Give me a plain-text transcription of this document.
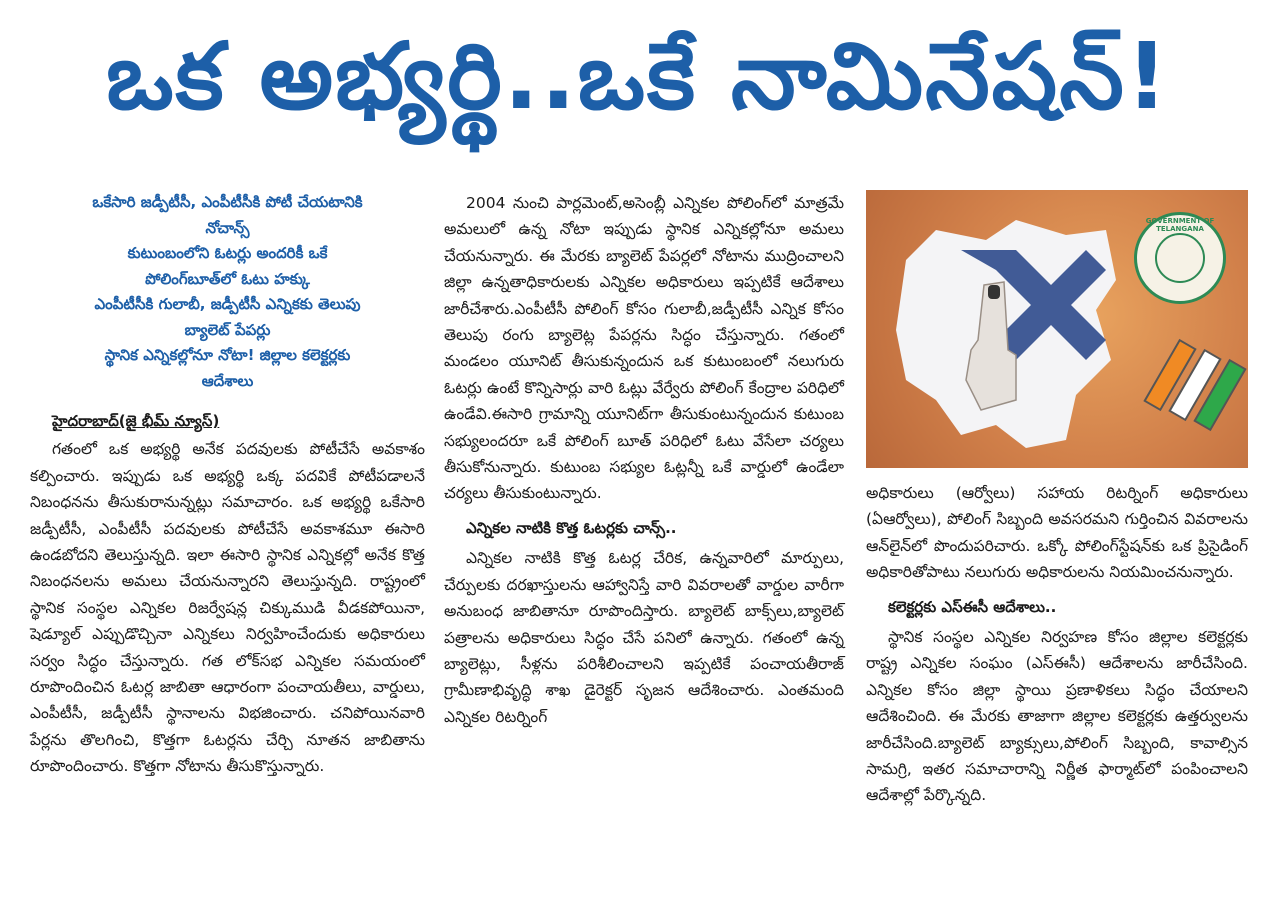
ఒక అభ్యర్థి..ఒకే నామినేషన్!
ఒకేసారి జడ్పీటీసీ, ఎంపీటీసీకి పోటీ చేయటానికి
నోచాన్స్
కుటుంబంలోని ఓటర్లు అందరికీ ఒకే
పోలింగ్‌బూత్‌లో ఓటు హక్కు
ఎంపీటీసీకి గులాబీ, జడ్పీటీసీ ఎన్నికకు తెలుపు
బ్యాలెట్ పేపర్లు
స్థానిక ఎన్నికల్లోనూ నోటా! జిల్లాల కలెక్టర్లకు
ఆదేశాలు
హైదరాబాద్(జై భీమ్ న్యూస్)

గతంలో ఒక అభ్యర్థి అనేక పదవులకు పోటీచేసే అవకాశం కల్పించారు. ఇప్పుడు ఒక అభ్యర్థి ఒక్క పదవికే పోటీపడాలనే నిబంధనను తీసుకురానున్నట్లు సమాచారం. ఒక అభ్యర్థి ఒకేసారి జడ్పీటీసీ, ఎంపీటీసీ పదవులకు పోటీచేసే అవకాశమూ ఈసారి ఉండబోదని తెలుస్తున్నది. ఇలా ఈసారి స్థానిక ఎన్నికల్లో అనేక కొత్త నిబంధనలను అమలు చేయనున్నారని తెలుస్తున్నది. రాష్ట్రంలో స్థానిక సంస్థల ఎన్నికల రిజర్వేషన్ల చిక్కుముడి వీడకపోయినా, షెడ్యూల్ ఎప్పుడొచ్చినా ఎన్నికలు నిర్వహించేందుకు అధికారులు సర్వం సిద్ధం చేస్తున్నారు. గత లోక్‌సభ ఎన్నికల సమయంలో రూపొందించిన ఓటర్ల జాబితా ఆధారంగా పంచాయతీలు, వార్డులు, ఎంపీటీసీ, జడ్పీటీసీ స్థానాలను విభజించారు. చనిపోయినవారి పేర్లను తొలగించి, కొత్తగా ఓటర్లను చేర్చి నూతన జాబితాను రూపొందించారు. కొత్తగా నోటాను తీసుకొస్తున్నారు.

2004 నుంచి పార్లమెంట్,అసెంబ్లీ ఎన్నికల పోలింగ్‌లో మాత్రమే అమలులో ఉన్న నోటా ఇప్పుడు స్థానిక ఎన్నికల్లోనూ అమలు చేయనున్నారు. ఈ మేరకు బ్యాలెట్ పేపర్లలో నోటాను ముద్రించాలని జిల్లా ఉన్నతాధికారులకు ఎన్నికల అధికారులు ఇప్పటికే ఆదేశాలు జారీచేశారు.ఎంపీటీసీ పోలింగ్ కోసం గులాబీ,జడ్పీటీసీ ఎన్నిక కోసం తెలుపు రంగు బ్యాలెట్ల పేపర్లను సిద్ధం చేస్తున్నారు. గతంలో మండలం యూనిట్ తీసుకున్నందున ఒక కుటుంబంలో నలుగురు ఓటర్లు ఉంటే కొన్నిసార్లు వారి ఓట్లు వేర్వేరు పోలింగ్ కేంద్రాల పరిధిలో ఉండేవి.ఈసారి గ్రామాన్ని యూనిట్‌గా తీసుకుంటున్నందున కుటుంబ సభ్యులందరూ ఒకే పోలింగ్ బూత్ పరిధిలో ఓటు వేసేలా చర్యలు తీసుకోనున్నారు. కుటుంబ సభ్యుల ఓట్లన్నీ ఒకే వార్డులో ఉండేలా చర్యలు తీసుకుంటున్నారు.

ఎన్నికల నాటికి కొత్త ఓటర్లకు చాన్స్..

ఎన్నికల నాటికి కొత్త ఓటర్ల చేరిక, ఉన్నవారిలో మార్పులు, చేర్పులకు దరఖాస్తులను ఆహ్వానిస్తే వారి వివరాలతో వార్డుల వారీగా అనుబంధ జాబితానూ రూపొందిస్తారు. బ్యాలెట్ బాక్స్‌లు,బ్యాలెట్ పత్రాలను అధికారులు సిద్ధం చేసే పనిలో ఉన్నారు. గతంలో ఉన్న బ్యాలెట్లు, సీళ్లను పరిశీలించాలని ఇప్పటికే పంచాయతీరాజ్ గ్రామీణాభివృద్ధి శాఖ డైరెక్టర్ సృజన ఆదేశించారు. ఎంతమంది ఎన్నికల రిటర్నింగ్

GOVERNMENT OF TELANGANA

అధికారులు (ఆర్వోలు) సహాయ రిటర్నింగ్ అధికారులు (ఏఆర్వోలు), పోలింగ్ సిబ్బంది అవసరమని గుర్తించిన వివరాలను ఆన్‌లైన్‌లో పొందుపరిచారు. ఒక్కో పోలింగ్‌స్టేషన్‌కు ఒక ప్రిసైడింగ్ అధికారితోపాటు నలుగురు అధికారులను నియమించనున్నారు.

కలెక్టర్లకు ఎస్ఈసీ ఆదేశాలు..

స్థానిక సంస్థల ఎన్నికల నిర్వహణ కోసం జిల్లాల కలెక్టర్లకు రాష్ట్ర ఎన్నికల సంఘం (ఎస్ఈసీ) ఆదేశాలను జారీచేసింది. ఎన్నికల కోసం జిల్లా స్థాయి ప్రణాళికలు సిద్ధం చేయాలని ఆదేశించింది. ఈ మేరకు తాజాగా జిల్లాల కలెక్టర్లకు ఉత్తర్వులను జారీచేసింది.బ్యాలెట్ బ్యాక్సులు,పోలింగ్ సిబ్బంది, కావాల్సిన సామగ్రి, ఇతర సమాచారాన్ని నిర్ణీత ఫార్మాట్‌లో పంపించాలని ఆదేశాల్లో పేర్కొన్నది.
